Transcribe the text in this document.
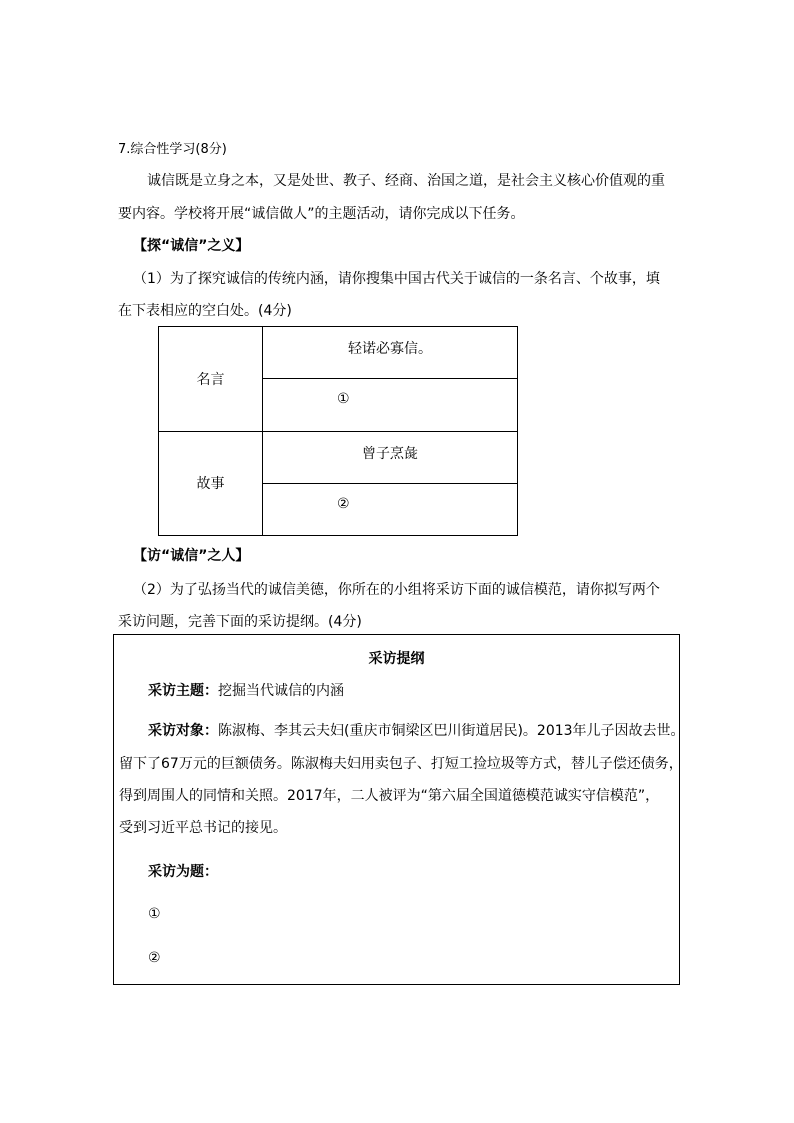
7.综合性学习(8分)
诚信既是立身之本，又是处世、教子、经商、治国之道，是社会主义核心价值观的重
要内容。学校将开展“诚信做人”的主题活动，请你完成以下任务。
【探“诚信”之义】
（1）为了探究诚信的传统内涵，请你搜集中国古代关于诚信的一条名言、个故事，填
在下表相应的空白处。(4分)
名言	轻诺必寡信。

	①

故事	曾子烹彘

	②
【访“诚信”之人】
（2）为了弘扬当代的诚信美德，你所在的小组将采访下面的诚信模范，请你拟写两个
采访问题，完善下面的采访提纲。(4分)
采访提纲
采访主题：挖掘当代诚信的内涵
采访对象：陈淑梅、李其云夫妇(重庆市铜梁区巴川街道居民)。2013年儿子因故去世。
留下了67万元的巨额债务。陈淑梅夫妇用卖包子、打短工捡垃圾等方式，替儿子偿还债务，
得到周围人的同情和关照。2017年，二人被评为“第六届全国道德模范诚实守信模范”，
受到习近平总书记的接见。
采访为题：
①
②
